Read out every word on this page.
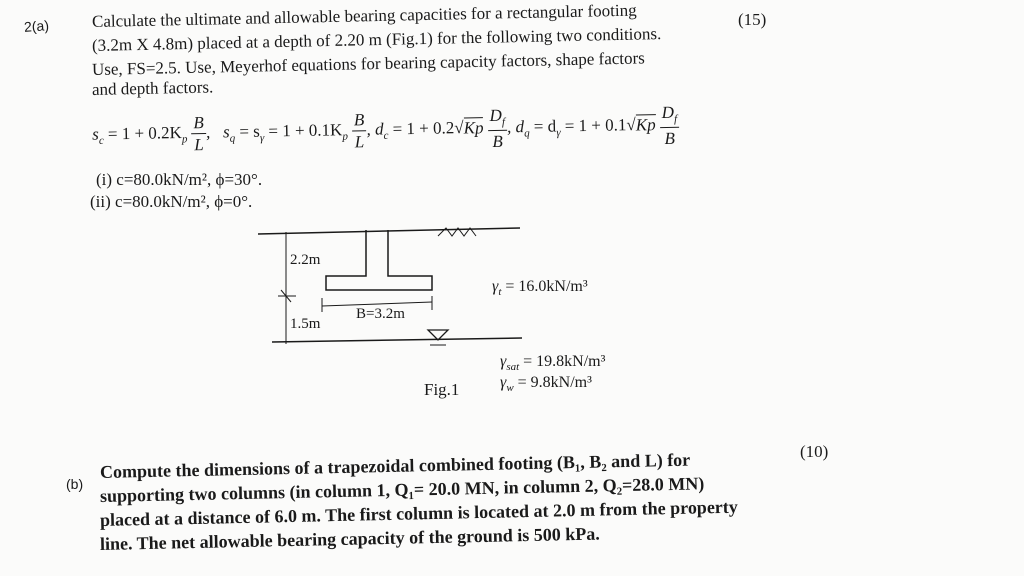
2(a)	(15)
Calculate the ultimate and allowable bearing capacities for a rectangular footing
(3.2m X 4.8m) placed at a depth of 2.20 m (Fig.1) for the following two conditions.
Use, FS=2.5. Use, Meyerhof equations for bearing capacity factors, shape factors
and depth factors.
$s_c = 1 + 0.2K_p \frac{B}{L}$ ,   $s_q = s_\gamma = 1 + 0.1K_p \frac{B}{L}$ , $d_c = 1 + 0.2√Kp \frac{D_f}{B}$ , $d_q = d_\gamma = 1 + 0.1√Kp \frac{D_f}{B}$
(i) c=80.0kN/m², ϕ=30°.
(ii) c=80.0kN/m², ϕ=0°.
2.2m
1.5m
B=3.2m
$\gamma_t = 16.0kN/m^3$
$\gamma_{sat} = 19.8kN/m^3$
$\gamma_w = 9.8kN/m^3$
Fig.1
(b)
(10)
Compute the dimensions of a trapezoidal combined footing (B₁, B₂ and L) for
supporting two columns (in column 1, Q₁= 20.0 MN, in column 2, Q₂=28.0 MN)
placed at a distance of 6.0 m. The first column is located at 2.0 m from the property
line. The net allowable bearing capacity of the ground is 500 kPa.
